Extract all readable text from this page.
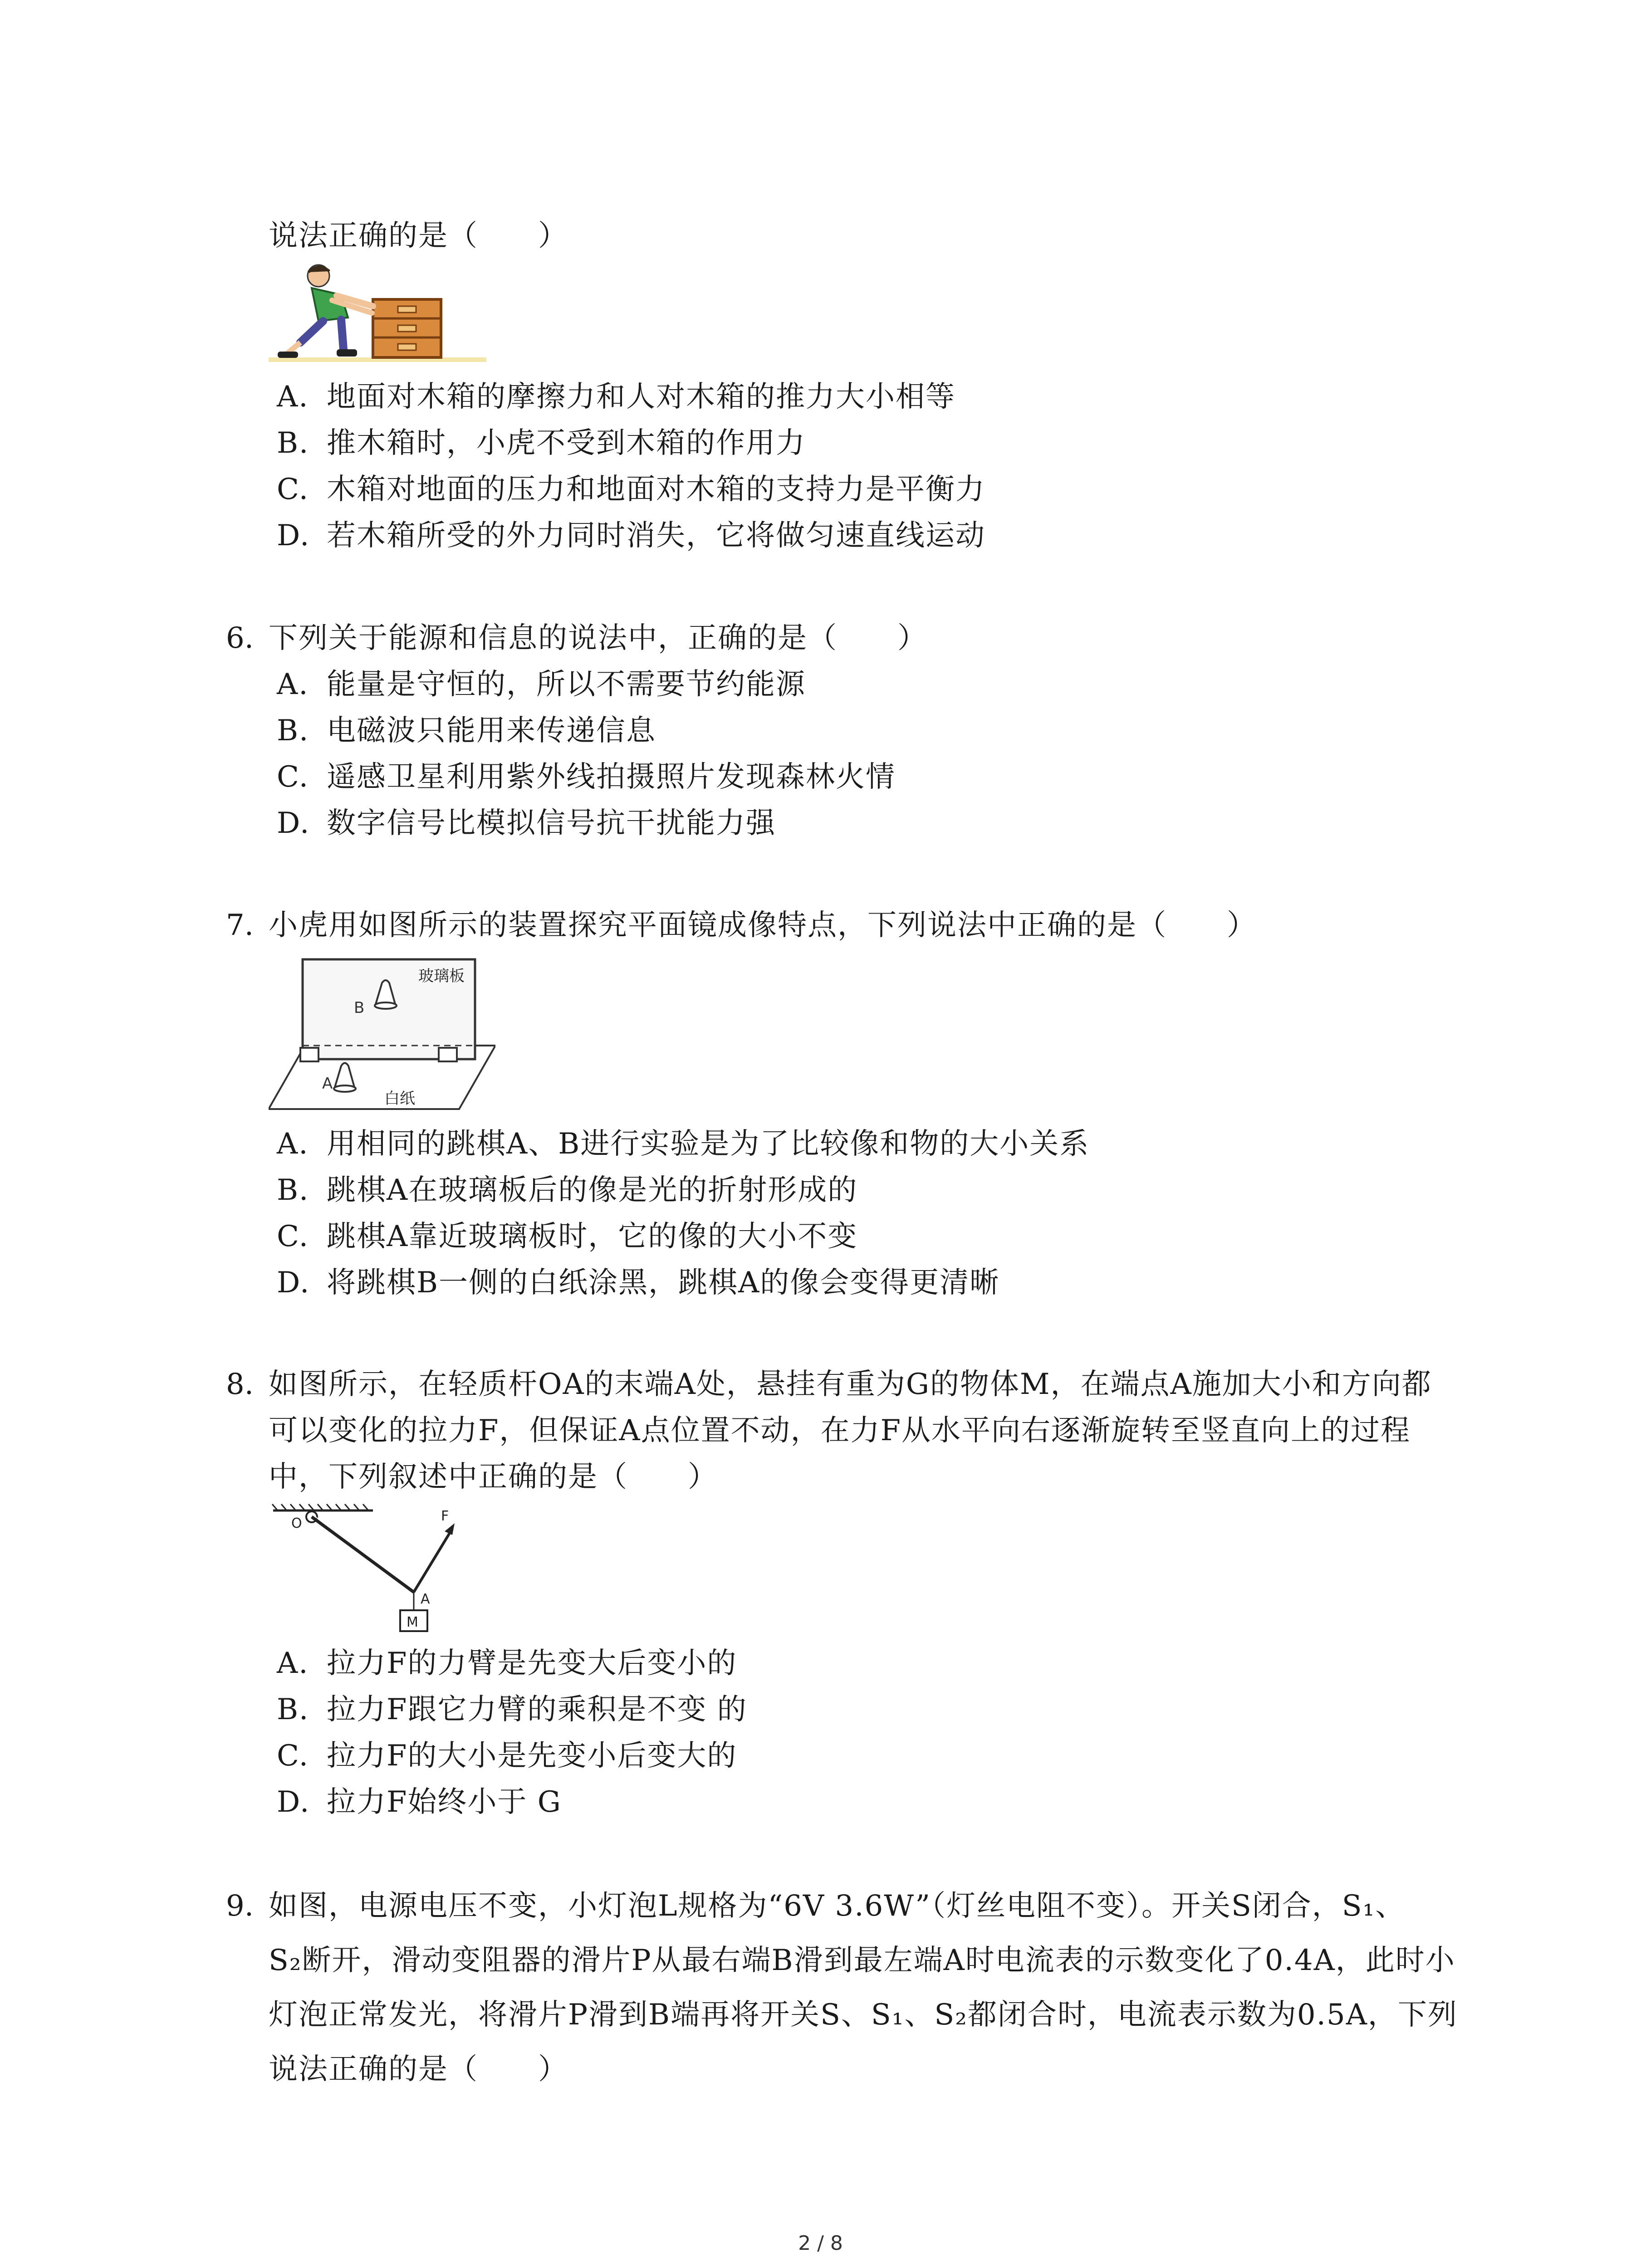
说法正确的是（　　）
A. 地面对木箱的摩擦力和人对木箱的推力大小相等
B. 推木箱时，小虎不受到木箱的作用力
C. 木箱对地面的压力和地面对木箱的支持力是平衡力
D. 若木箱所受的外力同时消失，它将做匀速直线运动
6. 下列关于能源和信息的说法中，正确的是（　　）
A. 能量是守恒的，所以不需要节约能源
B. 电磁波只能用来传递信息
C. 遥感卫星利用紫外线拍摄照片发现森林火情
D. 数字信号比模拟信号抗干扰能力强
7. 小虎用如图所示的装置探究平面镜成像特点，下列说法中正确的是（　　）
B
A
玻璃板
白纸
A. 用相同的跳棋A、B进行实验是为了比较像和物的大小关系
B. 跳棋A在玻璃板后的像是光的折射形成的
C. 跳棋A靠近玻璃板时，它的像的大小不变
D. 将跳棋B一侧的白纸涂黑，跳棋A的像会变得更清晰
8. 如图所示，在轻质杆OA的末端A处，悬挂有重为G的物体M，在端点A施加大小和方向都
可以变化的拉力F，但保证A点位置不动，在力F从水平向右逐渐旋转至竖直向上的过程
中，下列叙述中正确的是（　　）
O	F
A
M
A. 拉力F的力臂是先变大后变小的
B. 拉力F跟它力臂的乘积是不变 的
C. 拉力F的大小是先变小后变大的
D. 拉力F始终小于 G
9. 如图，电源电压不变，小灯泡L规格为“6V 3.6W”（灯丝电阻不变）。开关S闭合，S₁、
S₂断开，滑动变阻器的滑片P从最右端B滑到最左端A时电流表的示数变化了0.4A，此时小
灯泡正常发光，将滑片P滑到B端再将开关S、S₁、S₂都闭合时，电流表示数为0.5A，下列
说法正确的是（　　）
2 / 8
